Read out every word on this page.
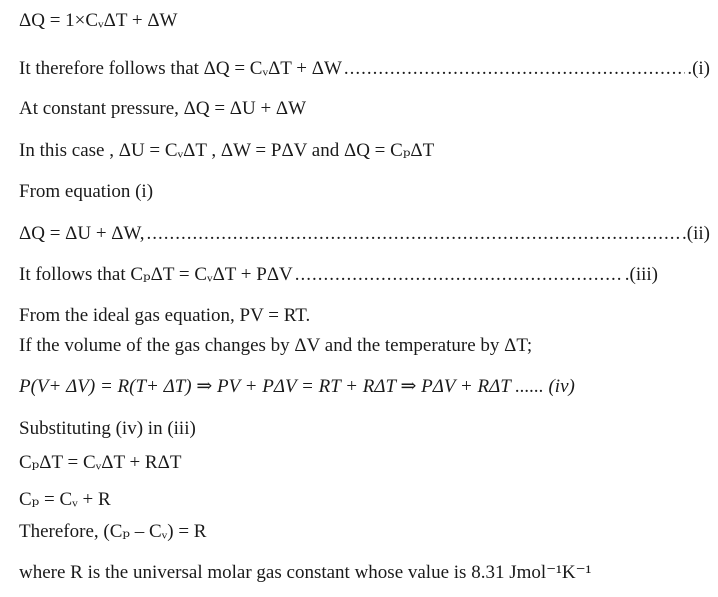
ΔQ = 1×CᵥΔT + ΔW
It therefore follows that ΔQ = CᵥΔT + ΔW .....	.(i)
At constant pressure, ΔQ = ΔU + ΔW
In this case , ΔU = CᵥΔT , ΔW = PΔV and ΔQ = CₚΔT
From equation (i)
ΔQ = ΔU + ΔW, .....	.(ii)
It follows that CₚΔT = CᵥΔT + PΔV .....	.(iii)
From the ideal gas equation, PV = RT.
If the volume of the gas changes by ΔV and the temperature by ΔT;
P(V+ ΔV) = R(T+ ΔT) ⇒ PV + PΔV = RT + RΔT ⇒ PΔV + RΔT ...... (iv)
Substituting (iv) in (iii)
CₚΔT = CᵥΔT + RΔT
Cₚ = Cᵥ + R
Therefore, (Cₚ – Cᵥ) = R
where R is the universal molar gas constant whose value is 8.31 Jmol⁻¹K⁻¹
